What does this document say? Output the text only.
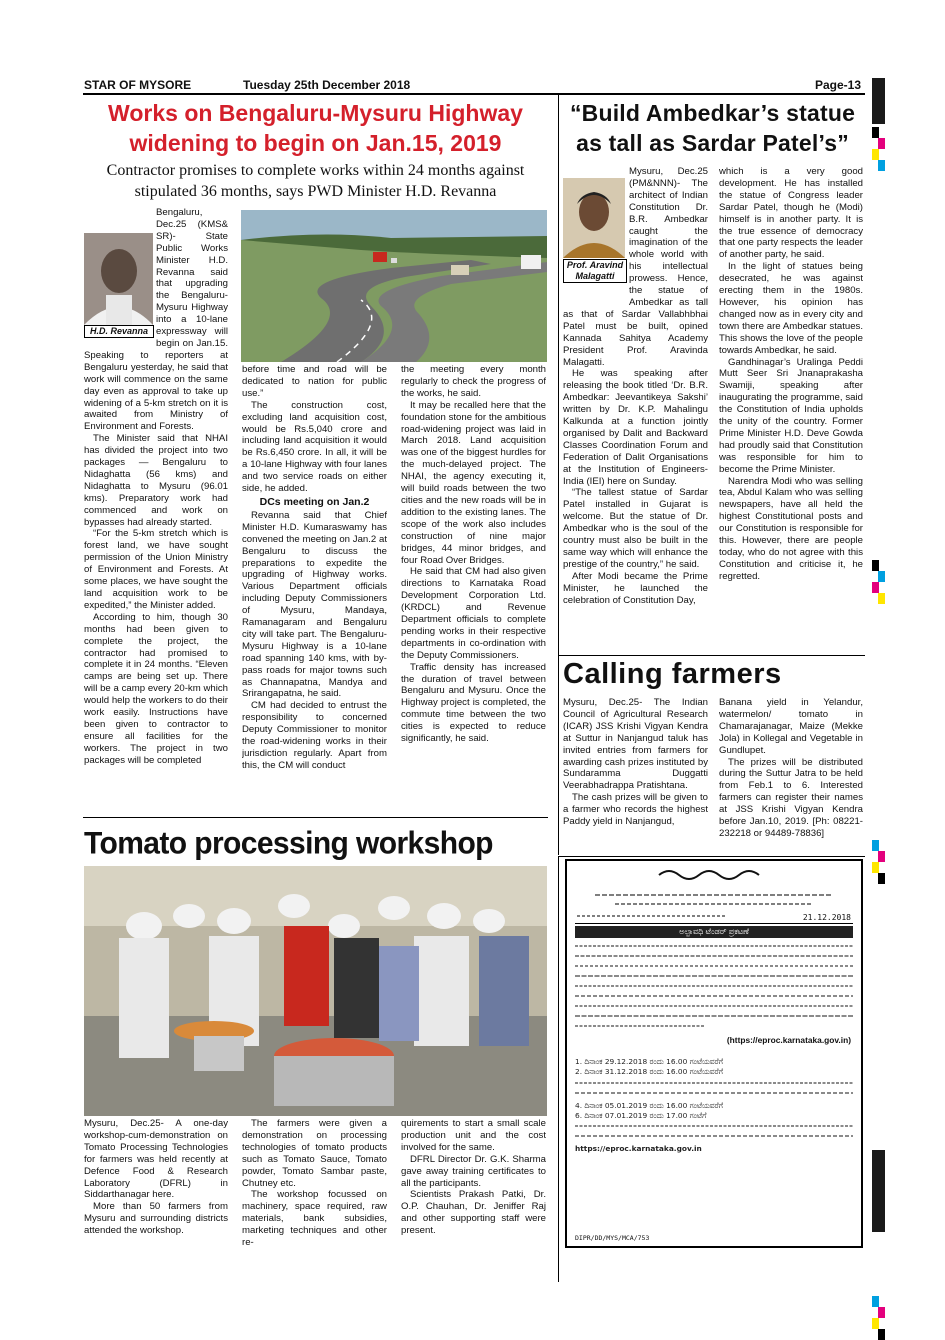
STAR OF MYSORE	Tuesday 25th December 2018	Page-13
Works on Bengaluru-Mysuru Highway
widening to begin on Jan.15, 2019
Contractor promises to complete works within 24 months against
stipulated 36 months, says PWD Minister H.D. Revanna
H.D. Revanna

Bengaluru, Dec.25 (KMS& SR)- State Public Works Minister H.D. Revanna said that upgrading the Bengaluru-Mysuru Highway into a 10-lane expressway will begin on Jan.15. Speaking to reporters at Bengaluru yesterday, he said that work will commence on the same day even as approval to take up widening of a 5-km stretch on it is awaited from Ministry of Environment and Forests.

The Minister said that NHAI has divided the project into two packages — Bengaluru to Nidaghatta (56 kms) and Nidaghatta to Mysuru (96.01 kms). Preparatory work had commenced and work on bypasses had already started.

“For the 5-km stretch which is forest land, we have sought permission of the Union Ministry of Environment and Forests. At some places, we have sought the land acquisition work to be expedited,” the Minister added.

According to him, though 30 months had been given to complete the project, the contractor had promised to complete it in 24 months. “Eleven camps are being set up. There will be a camp every 20-km which would help the workers to do their work easily. Instructions have been given to contractor to ensure all facilities for the workers. The project in two packages will be completed

before time and road will be dedicated to nation for public use.”

The construction cost, excluding land acquisition cost, would be Rs.5,040 crore and including land acquisition it would be Rs.6,450 crore. In all, it will be a 10-lane Highway with four lanes and two service roads on either side, he added.

DCs meeting on Jan.2

Revanna said that Chief Minister H.D. Kumaraswamy has convened the meeting on Jan.2 at Bengaluru to discuss the preparations to expedite the upgrading of Highway works. Various Department officials including Deputy Commissioners of Mysuru, Mandaya, Ramanagaram and Bengaluru city will take part. The Bengaluru-Mysuru Highway is a 10-lane road spanning 140 kms, with by-pass roads for major towns such as Channapatna, Mandya and Srirangapatna, he said.

CM had decided to entrust the responsibility to concerned Deputy Commissioner to monitor the road-widening works in their jurisdiction regularly. Apart from this, the CM will conduct

the meeting every month regularly to check the progress of the works, he said.

It may be recalled here that the foundation stone for the ambitious road-widening project was laid in March 2018. Land acquisition was one of the biggest hurdles for the much-delayed project. The NHAI, the agency executing it, will build roads between the two cities and the new roads will be in addition to the existing lanes. The scope of the work also includes construction of nine major bridges, 44 minor bridges, and four Road Over Bridges.

He said that CM had also given directions to Karnataka Road Development Corporation Ltd. (KRDCL) and Revenue Department officials to complete pending works in their respective departments in co-ordination with the Deputy Commissioners.

Traffic density has increased the duration of travel between Bengaluru and Mysuru. Once the Highway project is completed, the commute time between the two cities is expected to reduce significantly, he said.

“Build Ambedkar’s statue
as tall as Sardar Patel’s”
Prof. Aravind
Malagatti

Mysuru, Dec.25 (PM&NNN)- The architect of Indian Constitution Dr. B.R. Ambedkar caught the imagination of the whole world with his intellectual prowess. Hence, the statue of Ambedkar as tall as that of Sardar Vallabhbhai Patel must be built, opined Kannada Sahitya Academy President Prof. Aravinda Malagatti.

He was speaking after releasing the book titled ‘Dr. B.R. Ambedkar: Jeevantikeya Sakshi’ written by Dr. K.P. Mahalingu Kalkunda at a function jointly organised by Dalit and Backward Classes Coordination Forum and Federation of Dalit Organisations at the Institution of Engineers-India (IEI) here on Sunday.

“The tallest statue of Sardar Patel installed in Gujarat is welcome. But the statue of Dr. Ambedkar who is the soul of the country must also be built in the same way which will enhance the prestige of the country,” he said.

After Modi became the Prime Minister, he launched the celebration of Constitution Day,

which is a very good development. He has installed the statue of Congress leader Sardar Patel, though he (Modi) himself is in another party. It is the true essence of democracy that one party respects the leader of another party, he said.

In the light of statues being desecrated, he was against erecting them in the 1980s. However, his opinion has changed now as in every city and town there are Ambedkar statues. This shows the love of the people towards Ambedkar, he said.

Gandhinagar’s Uralinga Peddi Mutt Seer Sri Jnanaprakasha Swamiji, speaking after inaugurating the programme, said the Constitution of India upholds the unity of the country. Former Prime Minister H.D. Deve Gowda had proudly said that Constitution was responsible for him to become the Prime Minister.

Narendra Modi who was selling tea, Abdul Kalam who was selling newspapers, have all held the highest Constitutional posts and our Constitution is responsible for this. However, there are people today, who do not agree with this Constitution and criticise it, he regretted.

Calling farmers

Mysuru, Dec.25- The Indian Council of Agricultural Research (ICAR) JSS Krishi Vigyan Kendra at Suttur in Nanjangud taluk has invited entries from farmers for awarding cash prizes instituted by Sundaramma Duggatti Veerabhadrappa Pratishtana.

The cash prizes will be given to a farmer who records the highest Paddy yield in Nanjangud,

Banana yield in Yelandur, watermelon/ tomato in Chamarajanagar, Maize (Mekke Jola) in Kollegal and Vegetable in Gundlupet.

The prizes will be distributed during the Suttur Jatra to be held from Feb.1 to 6. Interested farmers can register their names at JSS Krishi Vigyan Kendra before Jan.10, 2019. [Ph: 08221-232218 or 94489-78836]

Tomato processing workshop

Mysuru, Dec.25- A one-day workshop-cum-demonstration on Tomato Processing Technologies for farmers was held recently at Defence Food & Research Laboratory (DFRL) in Siddarthanagar here.

More than 50 farmers from Mysuru and surrounding districts attended the workshop.

The farmers were given a demonstration on processing technologies of tomato products such as Tomato Sauce, Tomato powder, Tomato Sambar paste, Chutney etc.

The workshop focussed on machinery, space required, raw materials, bank subsidies, marketing techniques and other re-

quirements to start a small scale production unit and the cost involved for the same.

DFRL Director Dr. G.K. Sharma gave away training certificates to all the participants.

Scientists Prakash Patki, Dr. O.P. Chauhan, Dr. Jeniffer Raj and other supporting staff were present.

21.12.2018
ಅಲ್ಪಾವಧಿ ಟೆಂಡರ್ ಪ್ರಕಟಣೆ
(https://eproc.karnataka.gov.in)
1. ದಿನಾಂಕ 29.12.2018 ರಂದು 16.00 ಗಂಟೆಯವರೆಗೆ
2. ದಿನಾಂಕ 31.12.2018 ರಂದು 16.00 ಗಂಟೆಯವರೆಗೆ
4. ದಿನಾಂಕ 05.01.2019 ರಂದು 16.00 ಗಂಟೆಯವರೆಗೆ
6. ದಿನಾಂಕ 07.01.2019 ರಂದು 17.00 ಗಂಟೆಗೆ
https://eproc.karnataka.gov.in
DIPR/DD/MYS/MCA/753
